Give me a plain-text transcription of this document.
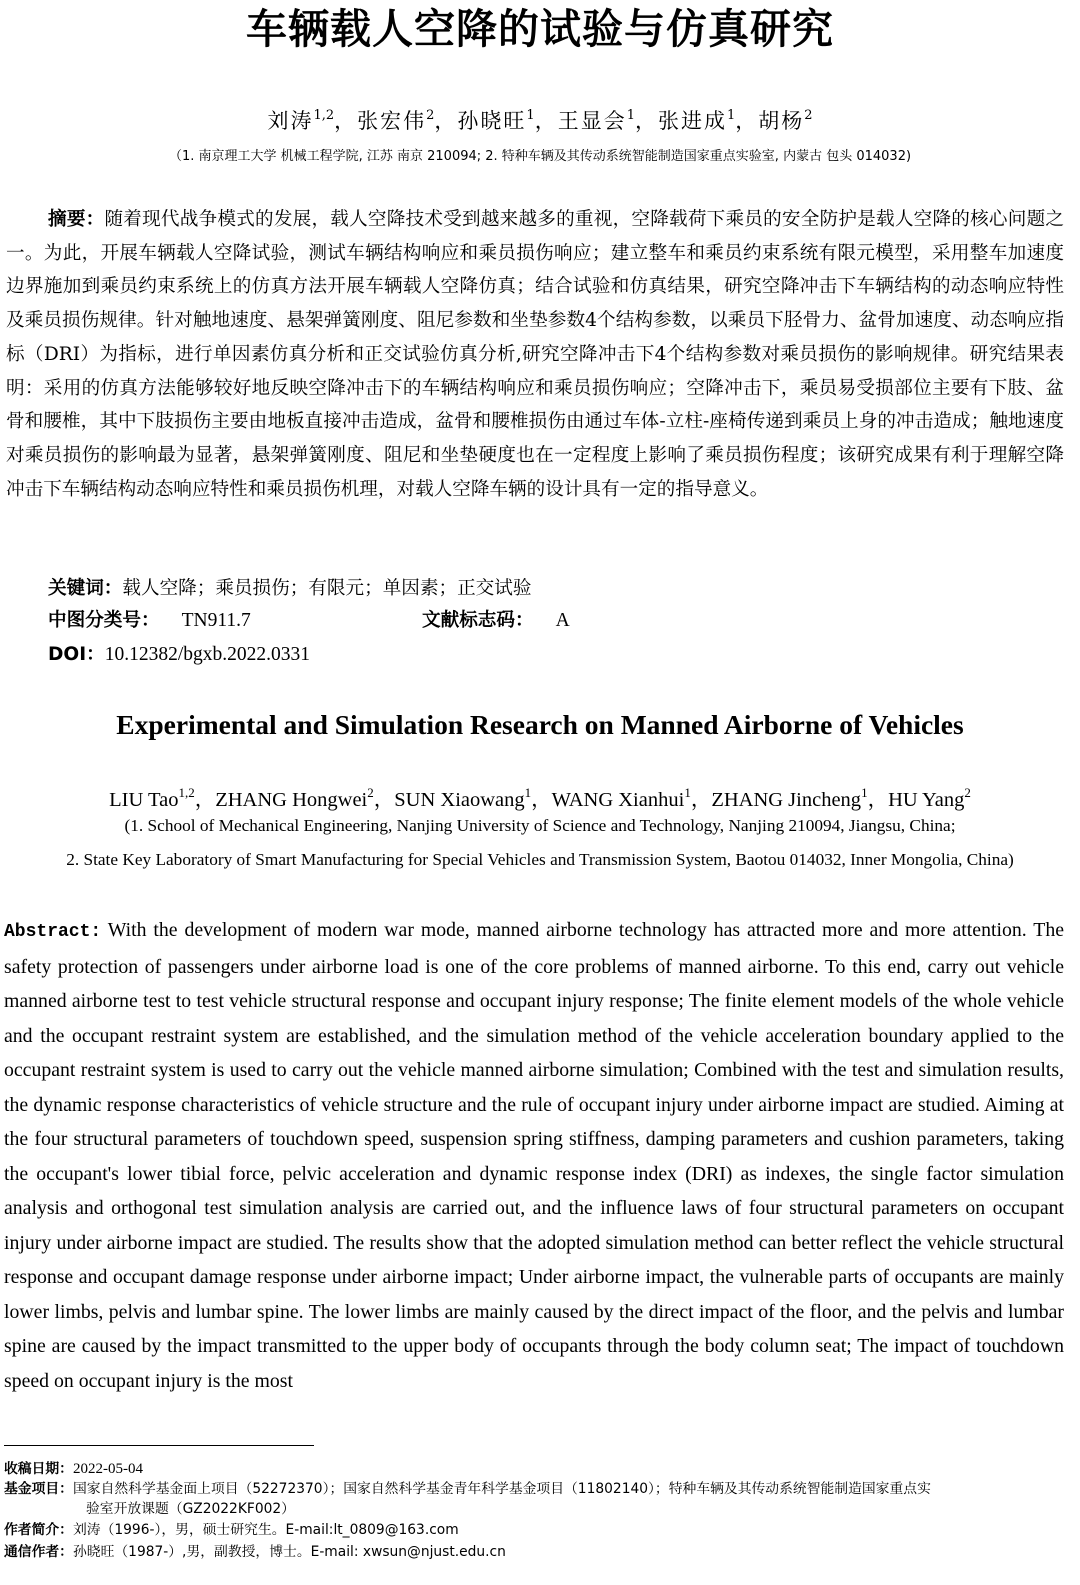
车辆载人空降的试验与仿真研究
刘涛$^{1,2}$，张宏伟$^2$，孙晓旺$^1$，王显会$^1$，张进成$^1$，胡杨$^2$
（1. 南京理工大学 机械工程学院, 江苏 南京 210094; 2. 特种车辆及其传动系统智能制造国家重点实验室, 内蒙古 包头 014032)

摘要：随着现代战争模式的发展，载人空降技术受到越来越多的重视，空降载荷下乘员的安全防护是载人空降的核心问题之一。为此，开展车辆载人空降试验，测试车辆结构响应和乘员损伤响应；建立整车和乘员约束系统有限元模型，采用整车加速度边界施加到乘员约束系统上的仿真方法开展车辆载人空降仿真；结合试验和仿真结果，研究空降冲击下车辆结构的动态响应特性及乘员损伤规律。针对触地速度、悬架弹簧刚度、阻尼参数和坐垫参数4个结构参数，以乘员下胫骨力、盆骨加速度、动态响应指标（DRI）为指标，进行单因素仿真分析和正交试验仿真分析,研究空降冲击下4个结构参数对乘员损伤的影响规律。研究结果表明：采用的仿真方法能够较好地反映空降冲击下的车辆结构响应和乘员损伤响应；空降冲击下，乘员易受损部位主要有下肢、盆骨和腰椎，其中下肢损伤主要由地板直接冲击造成，盆骨和腰椎损伤由通过车体-立柱-座椅传递到乘员上身的冲击造成；触地速度对乘员损伤的影响最为显著，悬架弹簧刚度、阻尼和坐垫硬度也在一定程度上影响了乘员损伤程度；该研究成果有利于理解空降冲击下车辆结构动态响应特性和乘员损伤机理，对载人空降车辆的设计具有一定的指导意义。

关键词：载人空降；乘员损伤；有限元；单因素；正交试验
中图分类号： TN911.7	文献标志码： A
DOI：10.12382/bgxb.2022.0331
Experimental and Simulation Research on Manned Airborne of Vehicles
LIU Tao$^{1,2}$，ZHANG Hongwei$^2$，SUN Xiaowang$^1$，WANG Xianhui$^1$，ZHANG Jincheng$^1$，HU Yang$^2$
(1. School of Mechanical Engineering, Nanjing University of Science and Technology, Nanjing 210094, Jiangsu, China;
2. State Key Laboratory of Smart Manufacturing for Special Vehicles and Transmission System, Baotou 014032, Inner Mongolia, China)

Abstract: With the development of modern war mode, manned airborne technology has attracted more and more attention. The safety protection of passengers under airborne load is one of the core problems of manned airborne. To this end, carry out vehicle manned airborne test to test vehicle structural response and occupant injury response; The finite element models of the whole vehicle and the occupant restraint system are established, and the simulation method of the vehicle acceleration boundary applied to the occupant restraint system is used to carry out the vehicle manned airborne simulation; Combined with the test and simulation results, the dynamic response characteristics of vehicle structure and the rule of occupant injury under airborne impact are studied. Aiming at the four structural parameters of touchdown speed, suspension spring stiffness, damping parameters and cushion parameters, taking the occupant's lower tibial force, pelvic acceleration and dynamic response index (DRI) as indexes, the single factor simulation analysis and orthogonal test simulation analysis are carried out, and the influence laws of four structural parameters on occupant injury under airborne impact are studied. The results show that the adopted simulation method can better reflect the vehicle structural response and occupant damage response under airborne impact; Under airborne impact, the vulnerable parts of occupants are mainly lower limbs, pelvis and lumbar spine. The lower limbs are mainly caused by the direct impact of the floor, and the pelvis and lumbar spine are caused by the impact transmitted to the upper body of occupants through the body column seat; The impact of touchdown speed on occupant injury is the most

收稿日期：2022-05-04
基金项目：国家自然科学基金面上项目（52272370）；国家自然科学基金青年科学基金项目（11802140）；特种车辆及其传动系统智能制造国家重点实
验室开放课题（GZ2022KF002）
作者简介：刘涛（1996-），男，硕士研究生。E-mail:lt_0809@163.com
通信作者：孙晓旺（1987-）,男，副教授，博士。E-mail: xwsun@njust.edu.cn
